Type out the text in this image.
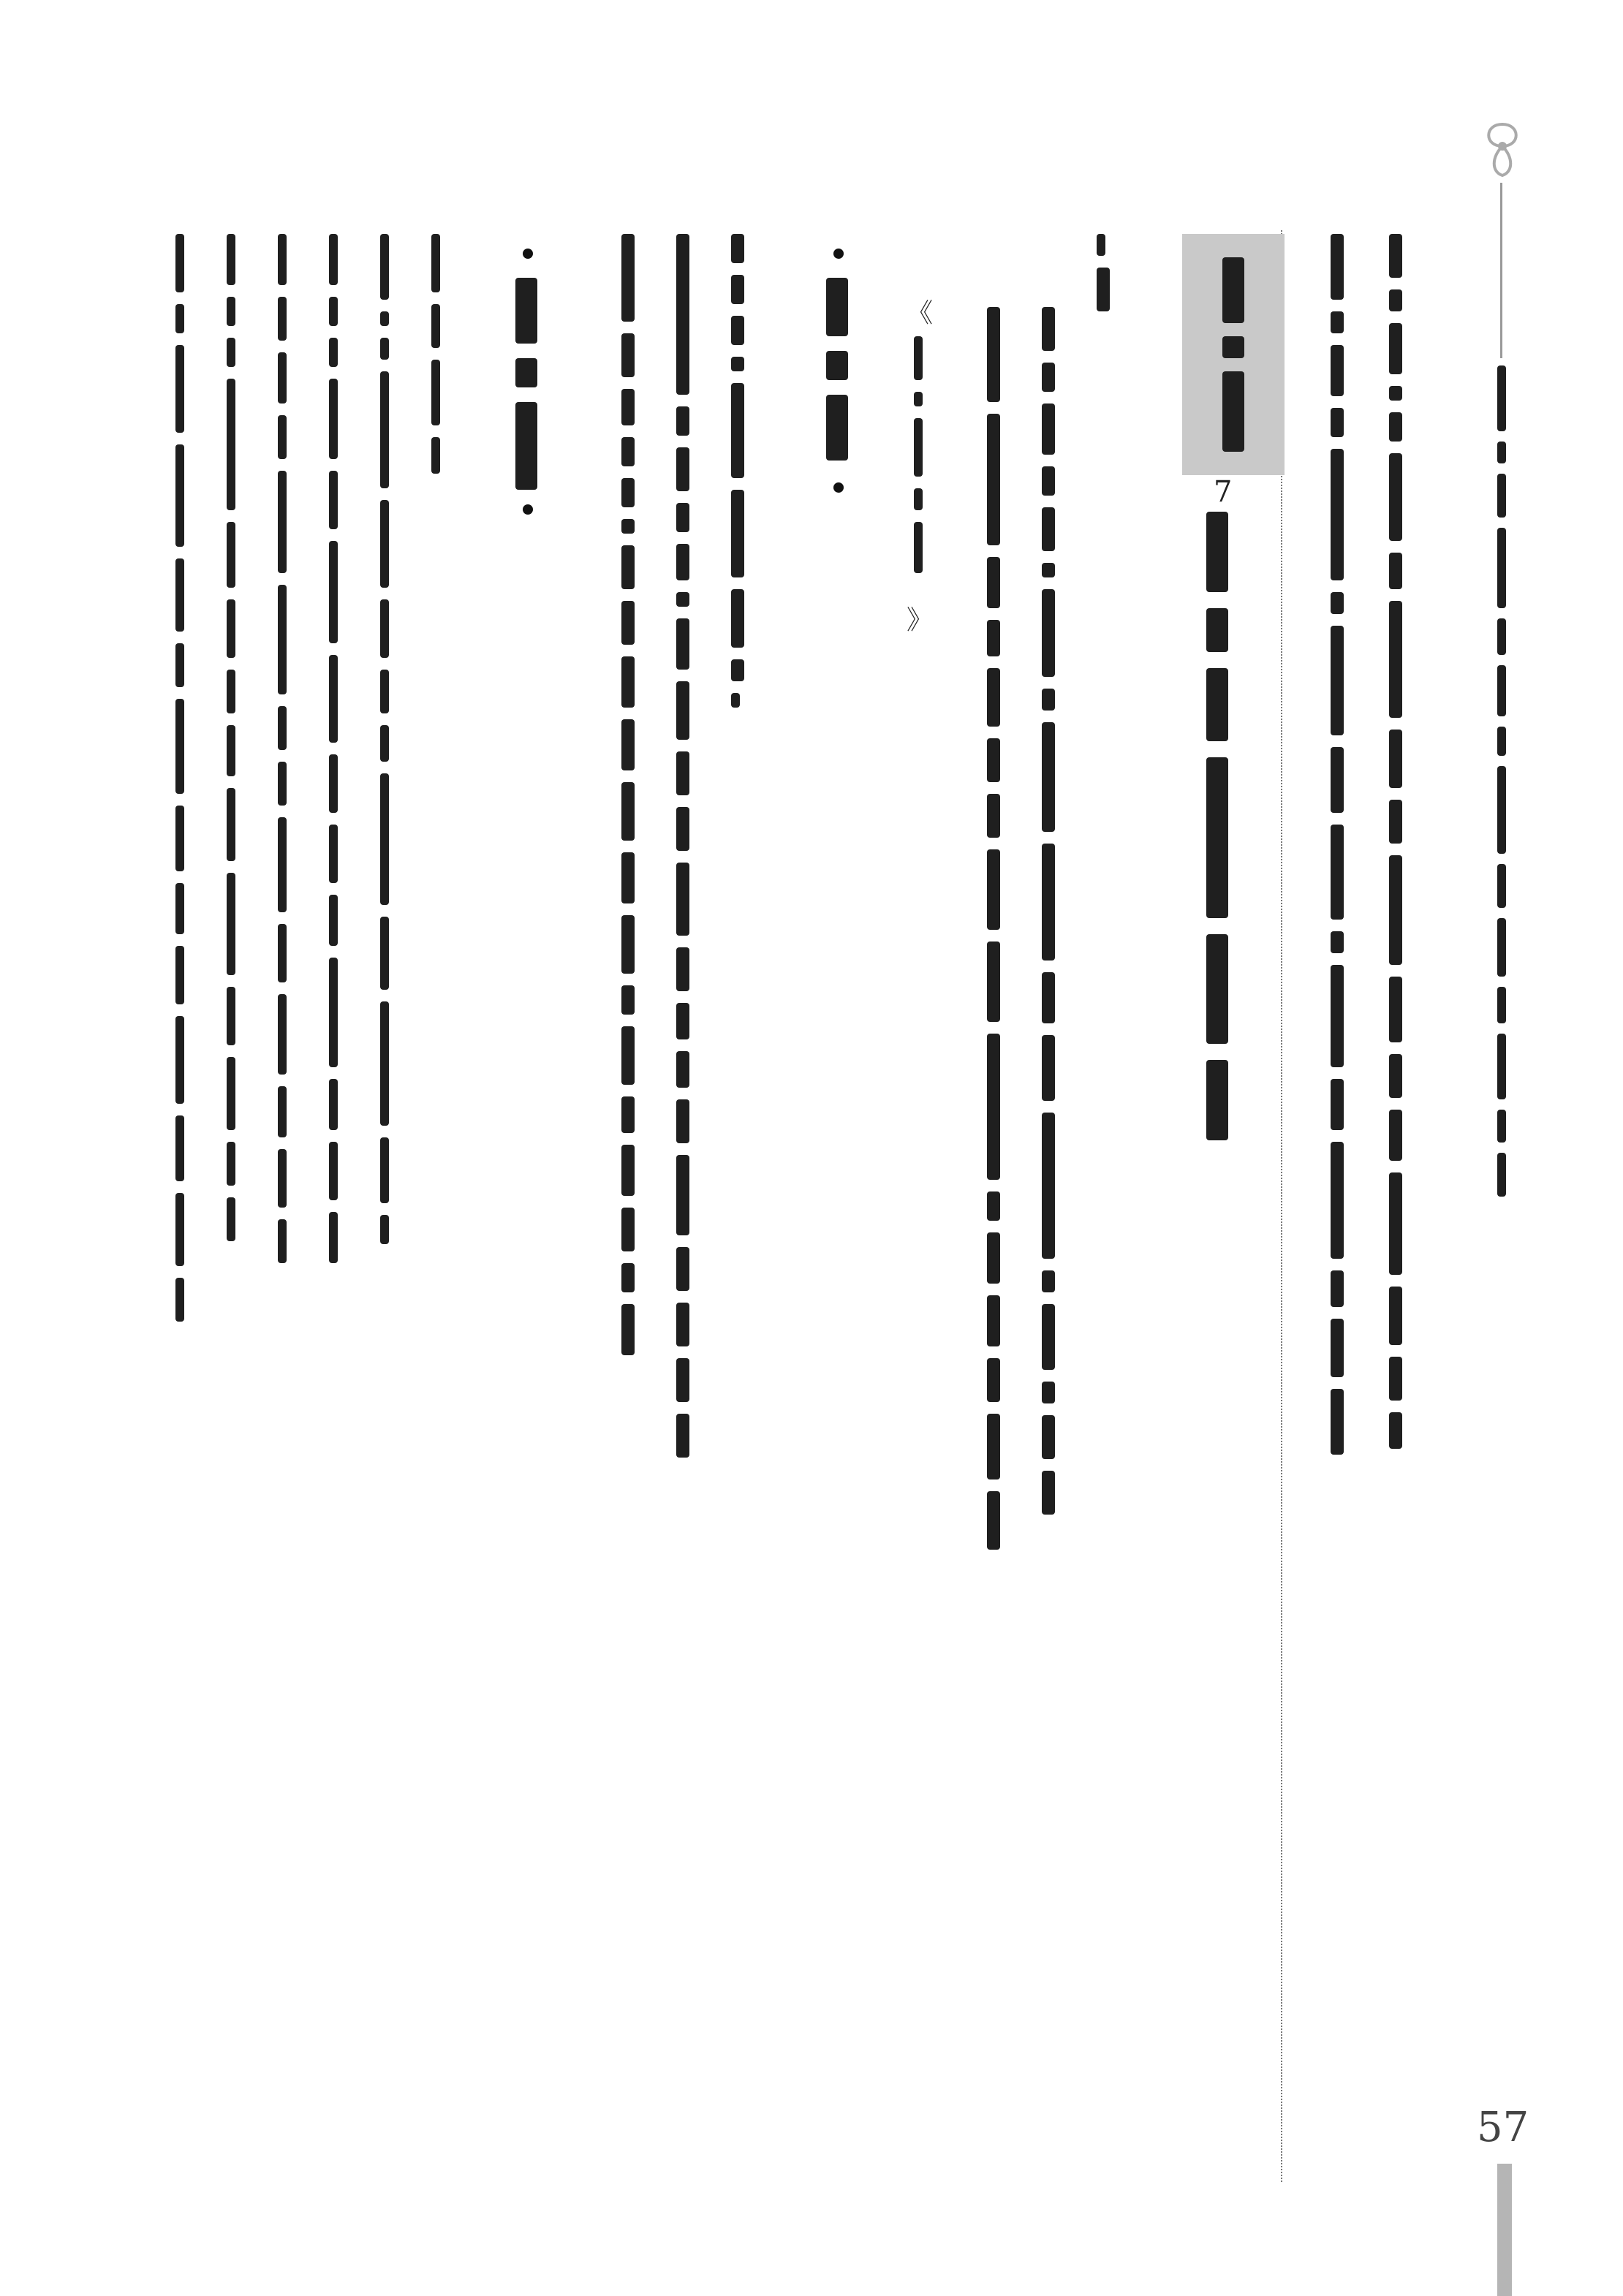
7
《
》
57
